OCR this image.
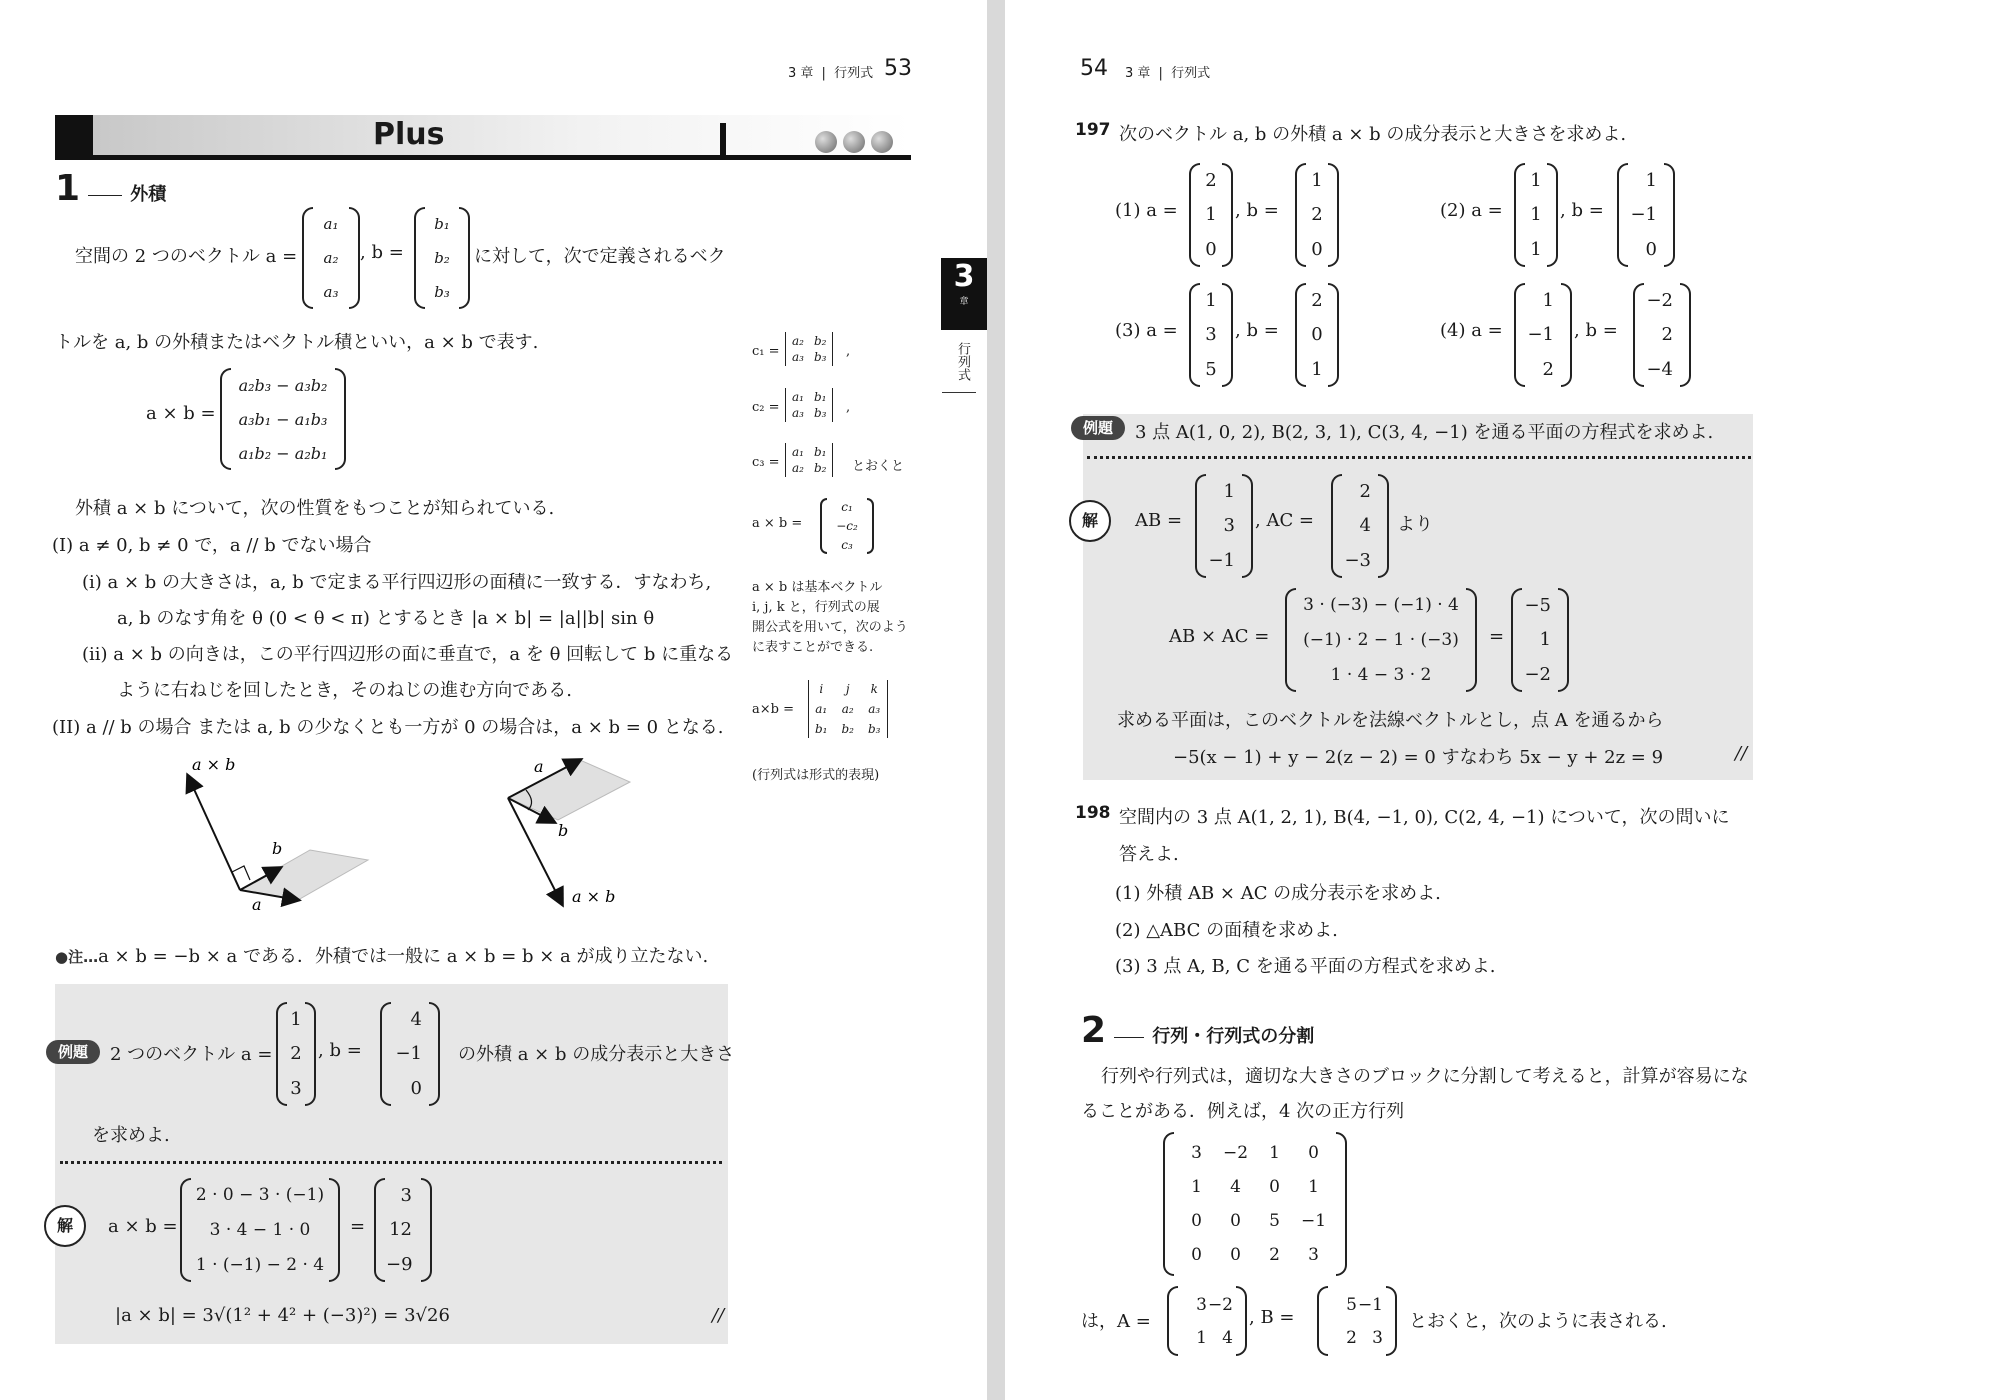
3 章 | 行列式 53
Plus
3
章
行列式
1	外積
空間の 2 つのベクトル a =
a₁
a₂
a₃
, b =
b₁
b₂
b₃
に対して，次で定義されるベク
トルを a, b の外積またはベクトル積といい，a × b で表す.
a × b =
a₂b₃ − a₃b₂
a₃b₁ − a₁b₃
a₁b₂ − a₂b₁
外積 a × b について，次の性質をもつことが知られている.
(I) a ≠ 0, b ≠ 0 で，a // b でない場合
(ⅰ) a × b の大きさは，a, b で定まる平行四辺形の面積に一致する．すなわち,
a, b のなす角を θ (0 < θ < π) とするとき |a × b| = |a||b| sin θ
(ⅱ) a × b の向きは，この平行四辺形の面に垂直で，a を θ 回転して b に重なる
ように右ねじを回したとき，そのねじの進む方向である.
(II) a // b の場合 または a, b の少なくとも一方が 0 の場合は，a × b = 0 となる.
a × b
b
a
a
b
a × b
c₁ =
a₂ b₂
a₃ b₃ ,
c₂ =
a₁ b₁
a₃ b₃ ,
c₃ =
a₁ b₁
a₂ b₂ とおくと
a × b =
c₁
−c₂
c₃
a × b は基本ベクトル
i, j, k と，行列式の展
開公式を用いて，次のよう
に表すことができる.
a×b =
i	j	k
a₁ a₂ a₃
b₁ b₂ b₃
(行列式は形式的表現)
●注…a × b = −b × a である．外積では一般に a × b = b × a が成り立たない.
例題	2 つのベクトル a =
1
2
3
, b =
4
−1
0
の外積 a × b の成分表示と大きさ
を求めよ.
解	a × b =
2 · 0 − 3 · (−1)
3 · 4 − 1 · 0
1 · (−1) − 2 · 4
=
3
12
−9
|a × b| = 3√(1² + 4² + (−3)²) = 3√26	//
54 3 章 | 行列式
197 次のベクトル a, b の外積 a × b の成分表示と大きさを求めよ.
(1) a =
2
1
0
, b =
1
2
0
(2) a =
1
1
1
, b =
1
−1
0
(3) a =
1
3
5
, b =
2
0
1
(4) a =
1
−1
2
, b =
−2
2
−4
例題	3 点 A(1, 0, 2), B(2, 3, 1), C(3, 4, −1) を通る平面の方程式を求めよ.
解	AB =
1
3
−1
, AC =
2
4
−3
より
AB × AC =
3 · (−3) − (−1) · 4
(−1) · 2 − 1 · (−3)
1 · 4 − 3 · 2
=
−5
1
−2
求める平面は，このベクトルを法線ベクトルとし，点 A を通るから
−5(x − 1) + y − 2(z − 2) = 0 すなわち 5x − y + 2z = 9	//
198 空間内の 3 点 A(1, 2, 1), B(4, −1, 0), C(2, 4, −1) について，次の問いに
答えよ.
(1) 外積 AB × AC の成分表示を求めよ.
(2) △ABC の面積を求めよ.
(3) 3 点 A, B, C を通る平面の方程式を求めよ.
2	行列・行列式の分割
行列や行列式は，適切な大きさのブロックに分割して考えると，計算が容易にな
ることがある．例えば，4 次の正方行列
3	−2	1	0
1	4	0	1
0	0	5	−1
0	0	2	3
は，A =
3 −2
1 4
, B =
5 −1
2 3
とおくと，次のように表される.
